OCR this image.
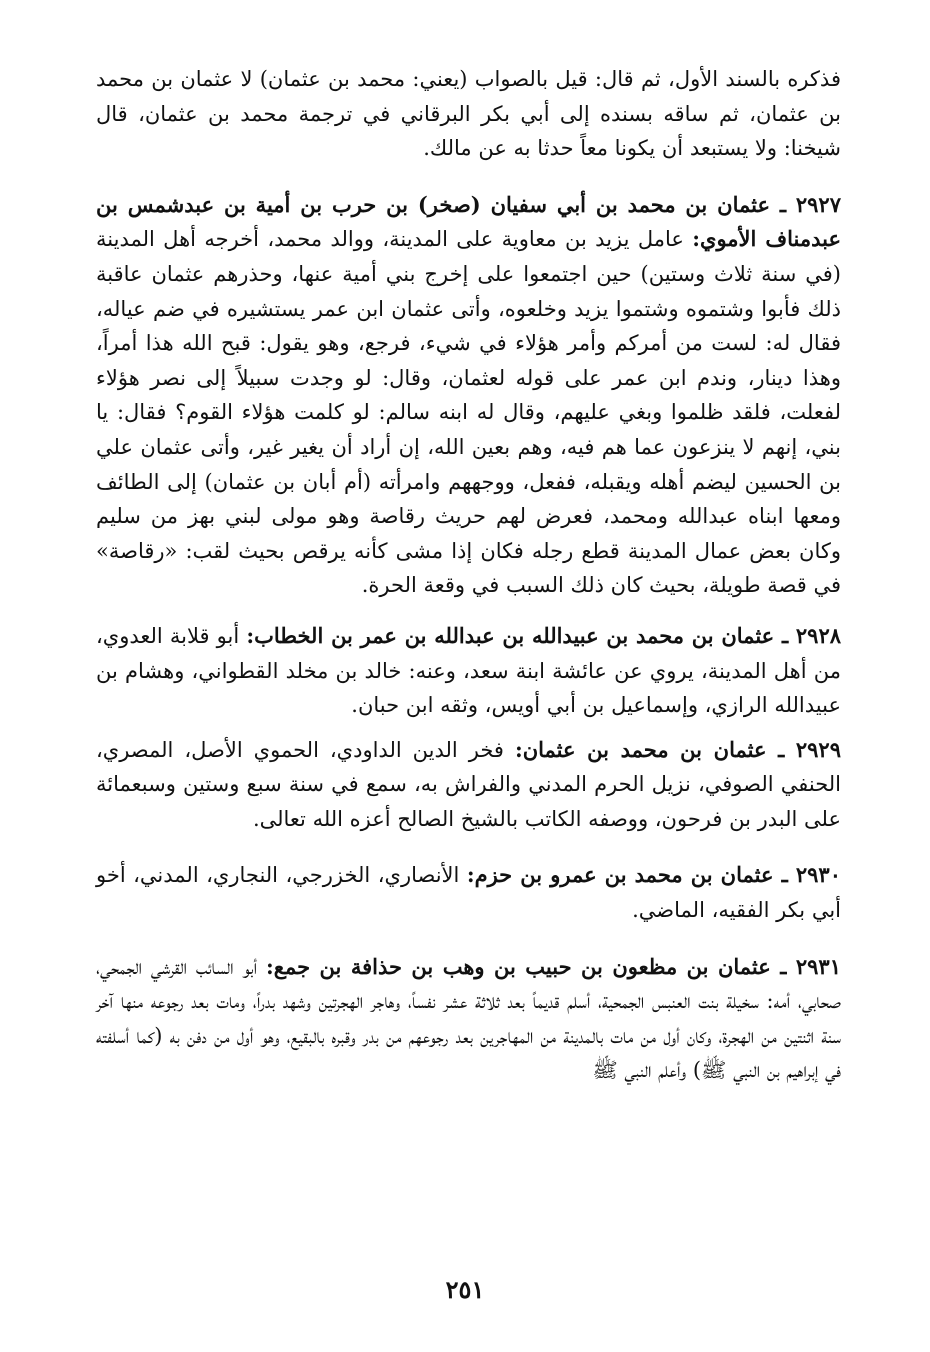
فذكره بالسند الأول، ثم قال: قيل بالصواب (يعني: محمد بن عثمان) لا عثمان بن محمد بن عثمان، ثم ساقه بسنده إلى أبي بكر البرقاني في ترجمة محمد بن عثمان، قال شيخنا: ولا يستبعد أن يكونا معاً حدثا به عن مالك.

٢٩٢٧ ـ عثمان بن محمد بن أبي سفيان (صخر) بن حرب بن أمية بن عبدشمس بن عبدمناف الأموي: عامل يزيد بن معاوية على المدينة، ووالد محمد، أخرجه أهل المدينة (في سنة ثلاث وستين) حين اجتمعوا على إخرج بني أمية عنها، وحذرهم عثمان عاقبة ذلك فأبوا وشتموه وشتموا يزيد وخلعوه، وأتى عثمان ابن عمر يستشيره في ضم عياله، فقال له: لست من أمركم وأمر هؤلاء في شيء، فرجع، وهو يقول: قبح الله هذا أمراً، وهذا دينار، وندم ابن عمر على قوله لعثمان، وقال: لو وجدت سبيلاً إلى نصر هؤلاء لفعلت، فلقد ظلموا وبغي عليهم، وقال له ابنه سالم: لو كلمت هؤلاء القوم؟ فقال: يا بني، إنهم لا ينزعون عما هم فيه، وهم بعين الله، إن أراد أن يغير غير، وأتى عثمان علي بن الحسين ليضم أهله ويقبله، ففعل، ووجههم وامرأته (أم أبان بن عثمان) إلى الطائف ومعها ابناه عبدالله ومحمد، فعرض لهم حريث رقاصة وهو مولى لبني بهز من سليم وكان بعض عمال المدينة قطع رجله فكان إذا مشى كأنه يرقص بحيث لقب: «رقاصة» في قصة طويلة، بحيث كان ذلك السبب في وقعة الحرة.

٢٩٢٨ ـ عثمان بن محمد بن عبيدالله بن عبدالله بن عمر بن الخطاب: أبو قلابة العدوي، من أهل المدينة، يروي عن عائشة ابنة سعد، وعنه: خالد بن مخلد القطواني، وهشام بن عبيدالله الرازي، وإسماعيل بن أبي أويس، وثقه ابن حبان.

٢٩٢٩ ـ عثمان بن محمد بن عثمان: فخر الدين الداودي، الحموي الأصل، المصري، الحنفي الصوفي، نزيل الحرم المدني والفراش به، سمع في سنة سبع وستين وسبعمائة على البدر بن فرحون، ووصفه الكاتب بالشيخ الصالح أعزه الله تعالى.

٢٩٣٠ ـ عثمان بن محمد بن عمرو بن حزم: الأنصاري، الخزرجي، النجاري، المدني، أخو أبي بكر الفقيه، الماضي.

٢٩٣١ ـ عثمان بن مظعون بن حبيب بن وهب بن حذافة بن جمع: أبو السائب القرشي الجمحي، صحابي، أمه: سخيلة بنت العنبس الجمحية، أسلم قديماً بعد ثلاثة عشر نفساً، وهاجر الهجرتين وشهد بدراً، ومات بعد رجوعه منها آخر سنة اثنتين من الهجرة، وكان أول من مات بالمدينة من المهاجرين بعد رجوعهم من بدر وقبره بالبقيع، وهو أول من دفن به (كما أسلفته في إبراهيم بن النبي ﷺ) وأعلم النبي ﷺ

٢٥١
